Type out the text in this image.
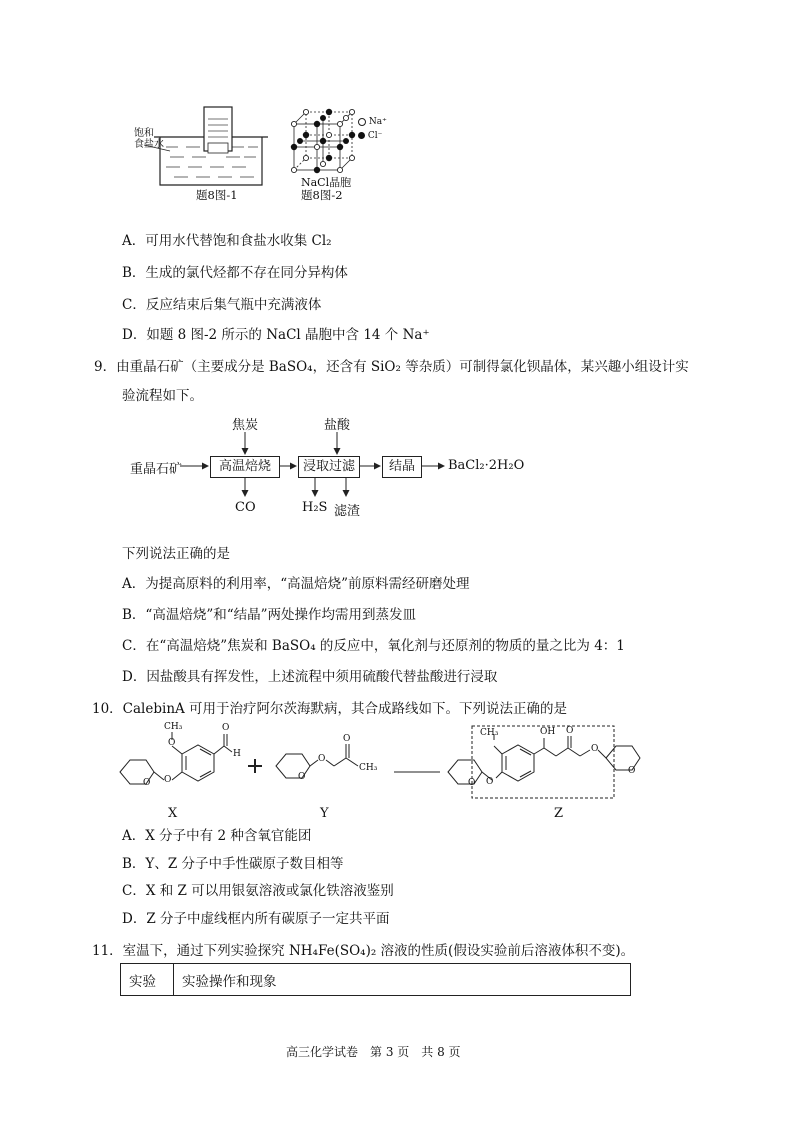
饱和
食盐水
题8图-1
Na⁺
Cl⁻
NaCl晶胞
题8图-2
A．可用水代替饱和食盐水收集 Cl₂
B．生成的氯代烃都不存在同分异构体
C．反应结束后集气瓶中充满液体
D．如题 8 图-2 所示的 NaCl 晶胞中含 14 个 Na⁺
9．由重晶石矿（主要成分是 BaSO₄，还含有 SiO₂ 等杂质）可制得氯化钡晶体，某兴趣小组设计实
验流程如下。
重晶石矿
焦炭	盐酸
高温焙烧	浸取过滤	结晶	BaCl₂·2H₂O
CO	H₂S 滤渣
下列说法正确的是
A．为提高原料的利用率，“高温焙烧”前原料需经研磨处理
B．“高温焙烧”和“结晶”两处操作均需用到蒸发皿
C．在“高温焙烧”焦炭和 BaSO₄ 的反应中，氧化剂与还原剂的物质的量之比为 4：1
D．因盐酸具有挥发性，上述流程中须用硫酸代替盐酸进行浸取
10．CalebinA 可用于治疗阿尔茨海默病，其合成路线如下。下列说法正确的是
CH₃
O
O
O
O
H
O
O
O
CH₃
CH₃
O O
OH O
O
O
X	Y	Z
A．X 分子中有 2 种含氧官能团
B．Y、Z 分子中手性碳原子数目相等
C．X 和 Z 可以用银氨溶液或氯化铁溶液鉴别
D．Z 分子中虚线框内所有碳原子一定共平面
11．室温下，通过下列实验探究 NH₄Fe(SO₄)₂ 溶液的性质(假设实验前后溶液体积不变)。
实验	实验操作和现象
高三化学试卷　第 3 页　共 8 页
